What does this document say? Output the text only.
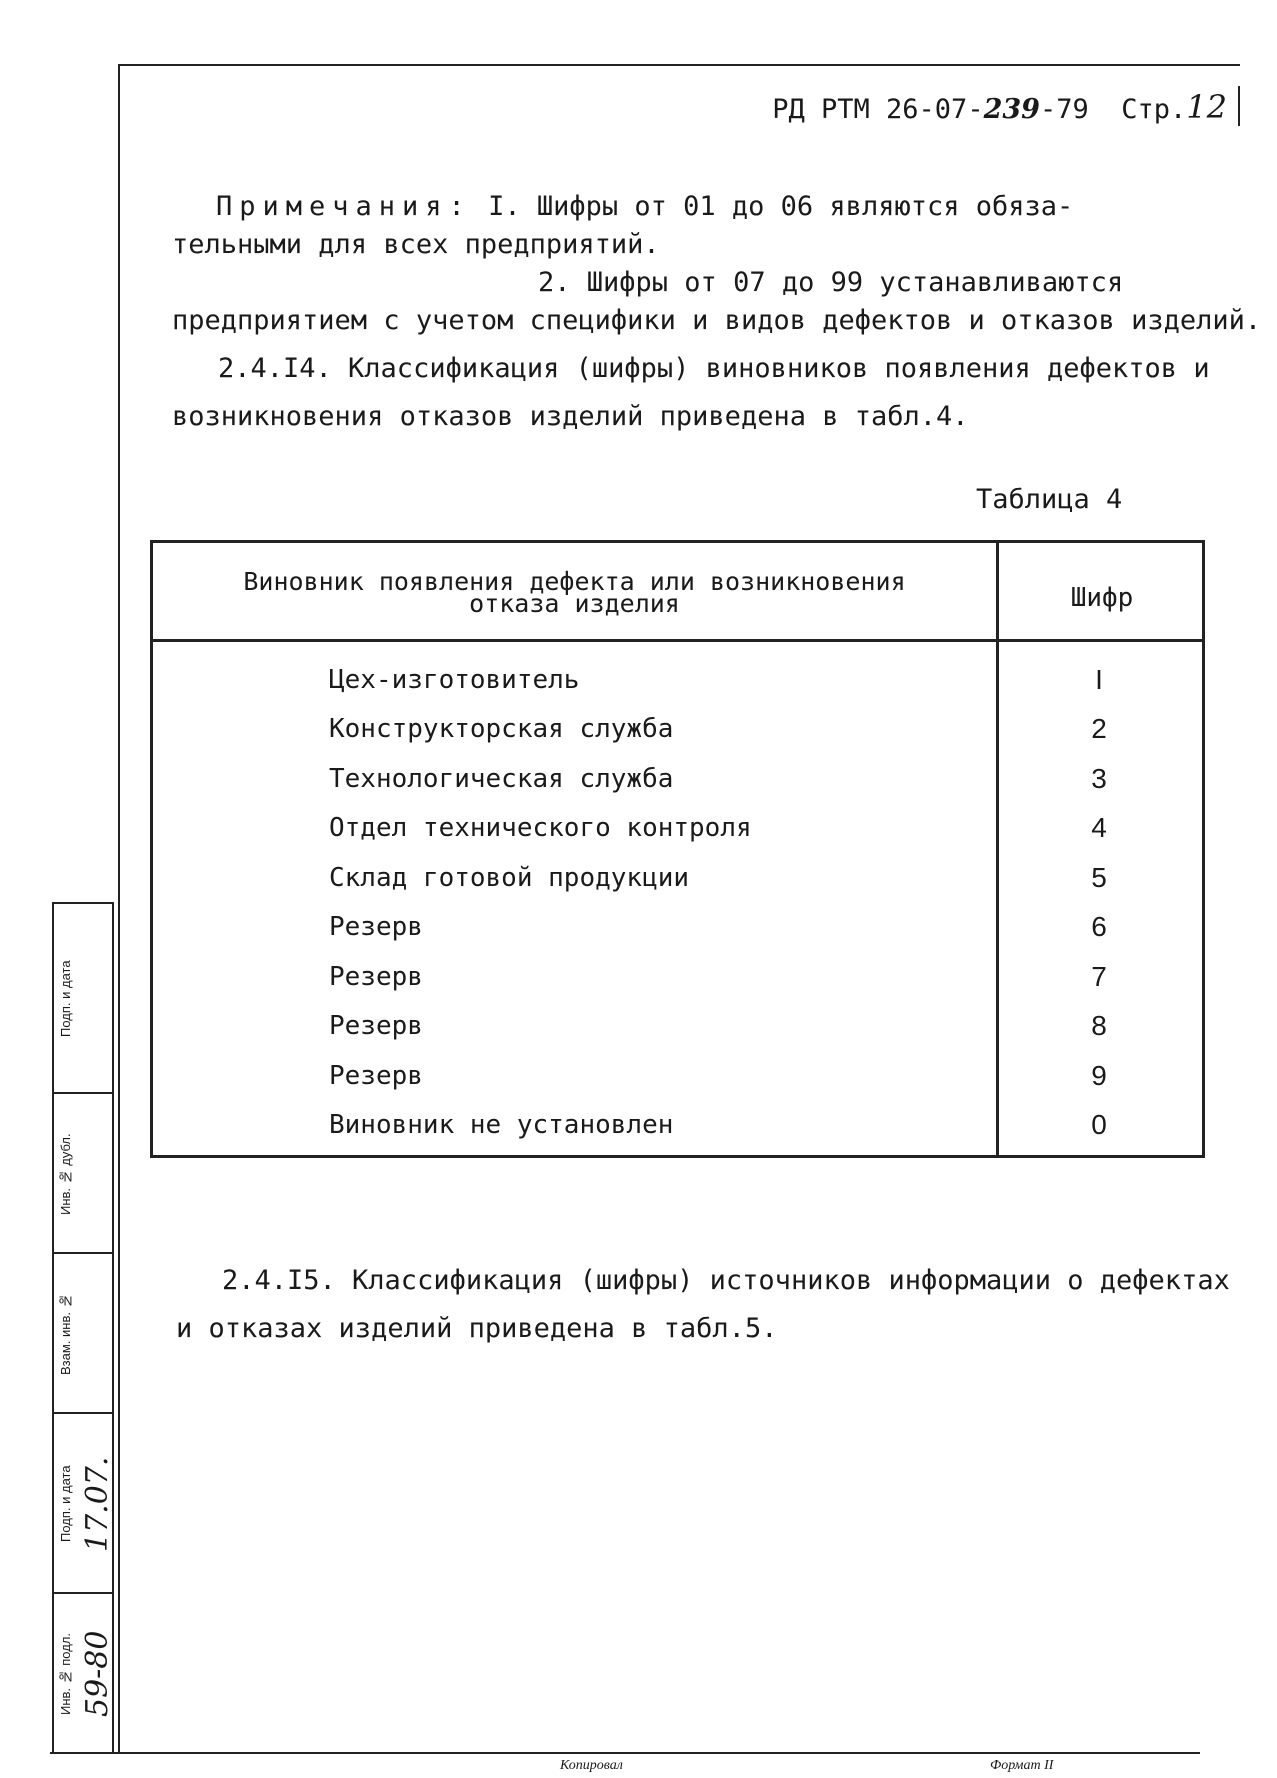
РД РТМ 26-07-239-79 Стр.12
Примечания: I. Шифры от 01 до 06 являются обяза-
тельными для всех предприятий.
2. Шифры от 07 до 99 устанавливаются
предприятием с учетом специфики и видов дефектов и отказов изделий.
2.4.I4. Классификация (шифры) виновников появления дефектов и
возникновения отказов изделий приведена в табл.4.
Таблица 4
Виновник появления дефекта или возникновения
отказа изделия	Шифр
Цех-изготовитель	I
Конструкторская служба	2
Технологическая служба	3
Отдел технического контроля	4
Склад готовой продукции	5
Резерв	6
Резерв	7
Резерв	8
Резерв	9
Виновник не установлен	0
2.4.I5. Классификация (шифры) источников информации о дефектах
и отказах изделий приведена в табл.5.
Подп. и дата
Инв. № дубл.
Взам. инв. №
Подп. и дата 17.07.
Инв. № подл. 59-80
Копировал	Формат II
